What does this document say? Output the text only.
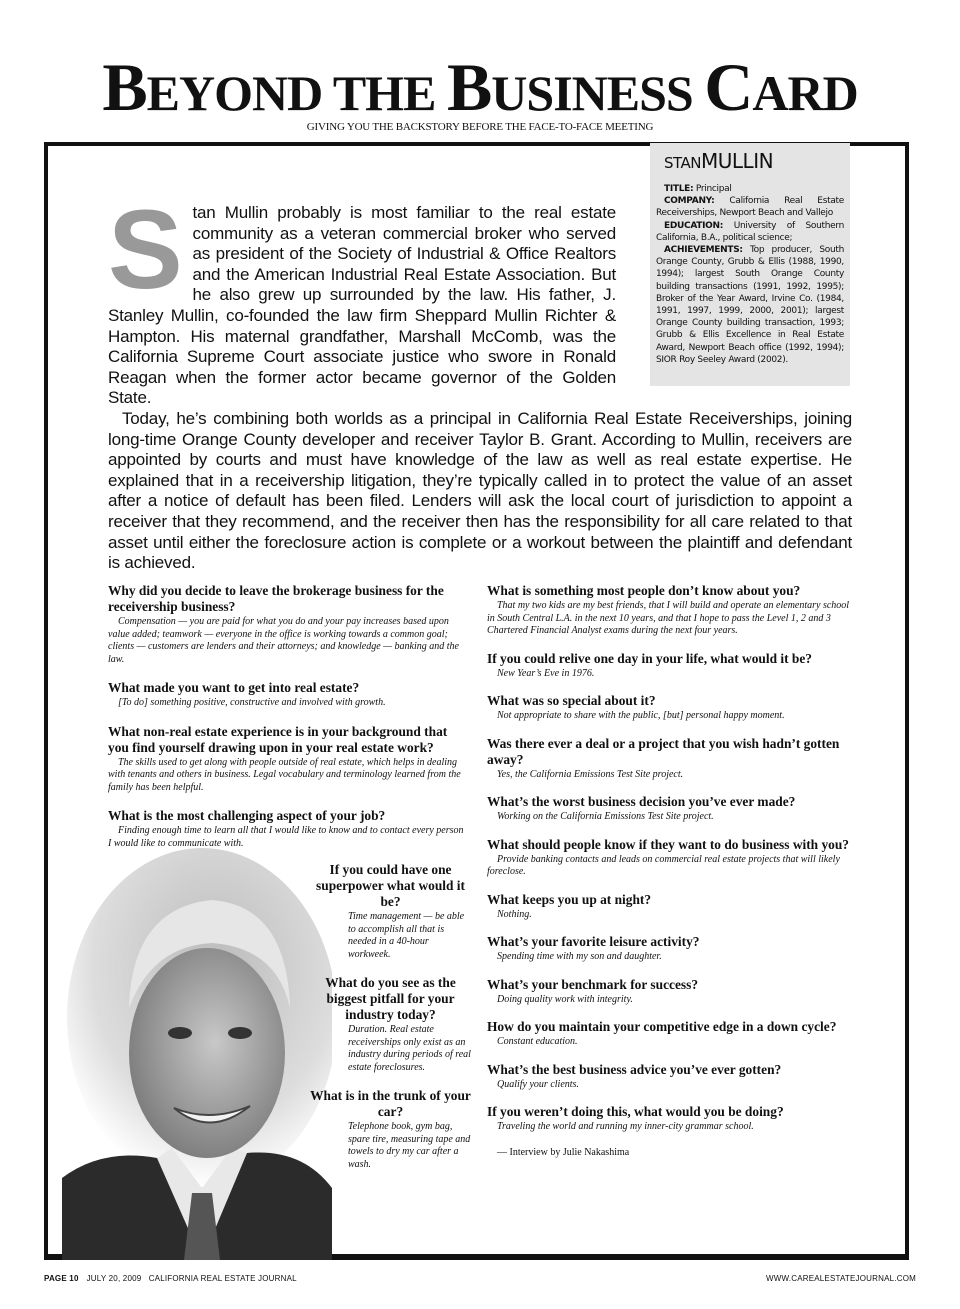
BEYOND THE BUSINESS CARD
GIVING YOU THE BACKSTORY BEFORE THE FACE-TO-FACE MEETING
STANMULLIN

TITLE: Principal

COMPANY: California Real Estate Receiverships, Newport Beach and Vallejo

EDUCATION: University of Southern California, B.A., political science;

ACHIEVEMENTS: Top producer, South Orange County, Grubb & Ellis (1988, 1990, 1994); largest South Orange County building transactions (1991, 1992, 1995); Broker of the Year Award, Irvine Co. (1984, 1991, 1997, 1999, 2000, 2001); largest Orange County building transaction, 1993; Grubb & Ellis Excellence in Real Estate Award, Newport Beach office (1992, 1994); SIOR Roy Seeley Award (2002).

Stan Mullin probably is most familiar to the real estate community as a veteran commercial broker who served as president of the Society of Industrial & Office Realtors and the American Industrial Real Estate Association. But he also grew up surrounded by the law. His father, J. Stanley Mullin, co-founded the law firm Sheppard Mullin Richter & Hampton. His maternal grandfather, Marshall McComb, was the California Supreme Court associate justice who swore in Ronald Reagan when the former actor became governor of the Golden State.

Today, he’s combining both worlds as a principal in California Real Estate Receiverships, joining long-time Orange County developer and receiver Taylor B. Grant. According to Mullin, receivers are appointed by courts and must have knowledge of the law as well as real estate expertise. He explained that in a receivership litigation, they’re typically called in to protect the value of an asset after a notice of default has been filed. Lenders will ask the local court of jurisdiction to appoint a receiver that they recommend, and the receiver then has the responsibility for all care related to that asset until either the foreclosure action is complete or a workout between the plaintiff and defendant is achieved.

Why did you decide to leave the brokerage business for the receivership business?

Compensation — you are paid for what you do and your pay increases based upon value added; teamwork — everyone in the office is working towards a common goal; clients — customers are lenders and their attorneys; and knowledge — banking and the law.

What made you want to get into real estate?

[To do] something positive, constructive and involved with growth.

What non-real estate experience is in your background that you find yourself drawing upon in your real estate work?

The skills used to get along with people outside of real estate, which helps in dealing with tenants and others in business. Legal vocabulary and terminology learned from the family has been helpful.

What is the most challenging aspect of your job?

Finding enough time to learn all that I would like to know and to contact every person I would like to communicate with.

If you could have one superpower what would it be?

Time management — be able to accomplish all that is needed in a 40-hour workweek.

What do you see as the biggest pitfall for your industry today?

Duration. Real estate receiverships only exist as an industry during periods of real estate foreclosures.

What is in the trunk of your car?

Telephone book, gym bag, spare tire, measuring tape and towels to dry my car after a wash.

What is something most people don’t know about you?

That my two kids are my best friends, that I will build and operate an elementary school in South Central L.A. in the next 10 years, and that I hope to pass the Level 1, 2 and 3 Chartered Financial Analyst exams during the next four years.

If you could relive one day in your life, what would it be?

New Year’s Eve in 1976.

What was so special about it?

Not appropriate to share with the public, [but] personal happy moment.

Was there ever a deal or a project that you wish hadn’t gotten away?

Yes, the California Emissions Test Site project.

What’s the worst business decision you’ve ever made?

Working on the California Emissions Test Site project.

What should people know if they want to do business with you?

Provide banking contacts and leads on commercial real estate projects that will likely foreclose.

What keeps you up at night?

Nothing.

What’s your favorite leisure activity?

Spending time with my son and daughter.

What’s your benchmark for success?

Doing quality work with integrity.

How do you maintain your competitive edge in a down cycle?

Constant education.

What’s the best business advice you’ve ever gotten?

Qualify your clients.

If you weren’t doing this, what would you be doing?

Traveling the world and running my inner-city grammar school.

— Interview by Julie Nakashima
PAGE 10 JULY 20, 2009 CALIFORNIA REAL ESTATE JOURNAL	WWW.CAREALESTATEJOURNAL.COM
